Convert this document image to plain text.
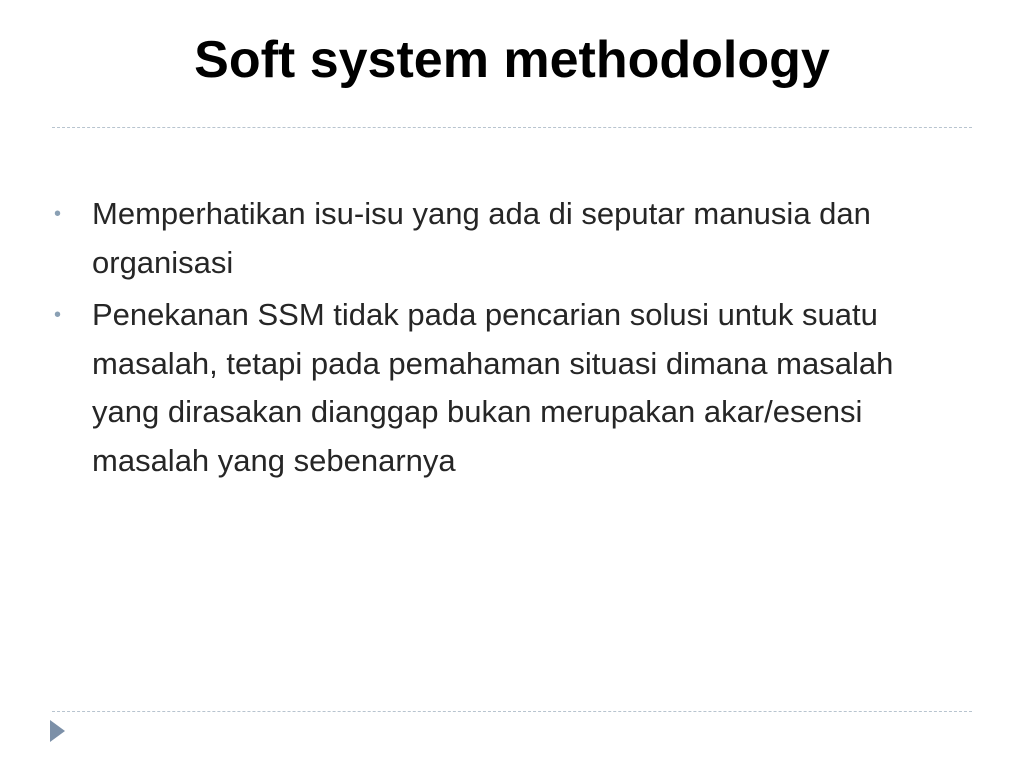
Soft system methodology
• Memperhatikan isu-isu yang ada di seputar manusia dan organisasi
• Penekanan SSM tidak pada pencarian solusi untuk suatu masalah, tetapi pada pemahaman situasi dimana masalah yang dirasakan dianggap bukan merupakan akar/esensi masalah yang sebenarnya
